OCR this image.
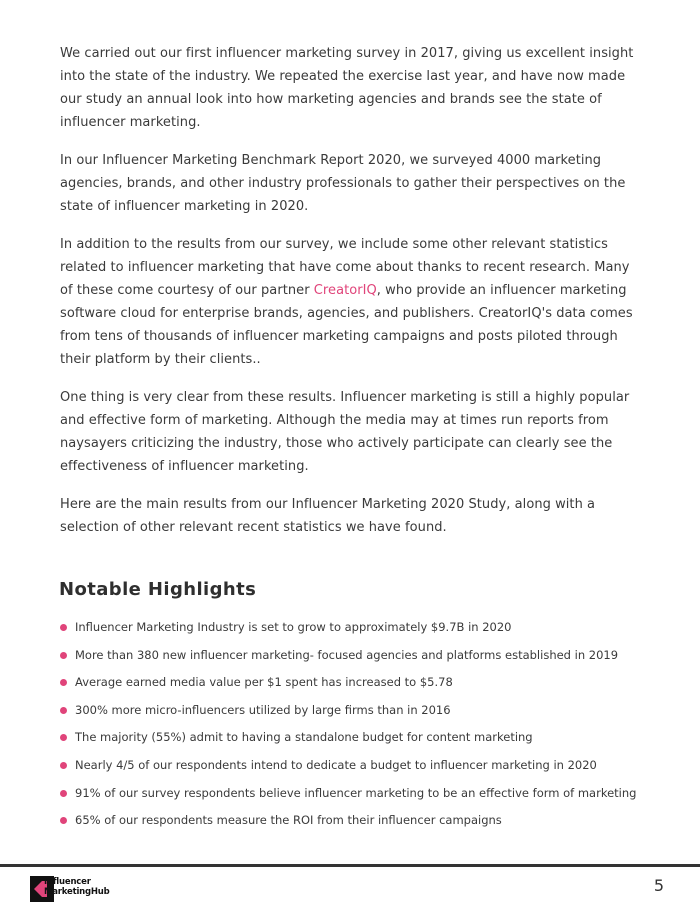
We carried out our first influencer marketing survey in 2017, giving us excellent insight into the state of the industry. We repeated the exercise last year, and have now made our study an annual look into how marketing agencies and brands see the state of influencer marketing.

In our Influencer Marketing Benchmark Report 2020, we surveyed 4000 marketing agencies, brands, and other industry professionals to gather their perspectives on the state of influencer marketing in 2020.

In addition to the results from our survey, we include some other relevant statistics related to influencer marketing that have come about thanks to recent research. Many of these come courtesy of our partner CreatorIQ, who provide an influencer marketing software cloud for enterprise brands, agencies, and publishers. CreatorIQ's data comes from tens of thousands of influencer marketing campaigns and posts piloted through their platform by their clients..

One thing is very clear from these results. Influencer marketing is still a highly popular and effective form of marketing. Although the media may at times run reports from naysayers criticizing the industry, those who actively participate can clearly see the effectiveness of influencer marketing.

Here are the main results from our Influencer Marketing 2020 Study, along with a selection of other relevant recent statistics we have found.

Notable Highlights
Influencer Marketing Industry is set to grow to approximately $9.7B in 2020
More than 380 new influencer marketing- focused agencies and platforms established in 2019
Average earned media value per $1 spent has increased to $5.78
300% more micro-influencers utilized by large firms than in 2016
The majority (55%) admit to having a standalone budget for content marketing
Nearly 4/5 of our respondents intend to dedicate a budget to influencer marketing in 2020
91% of our survey respondents believe influencer marketing to be an effective form of marketing
65% of our respondents measure the ROI from their influencer campaigns
Influencer
MarketingHub	5
